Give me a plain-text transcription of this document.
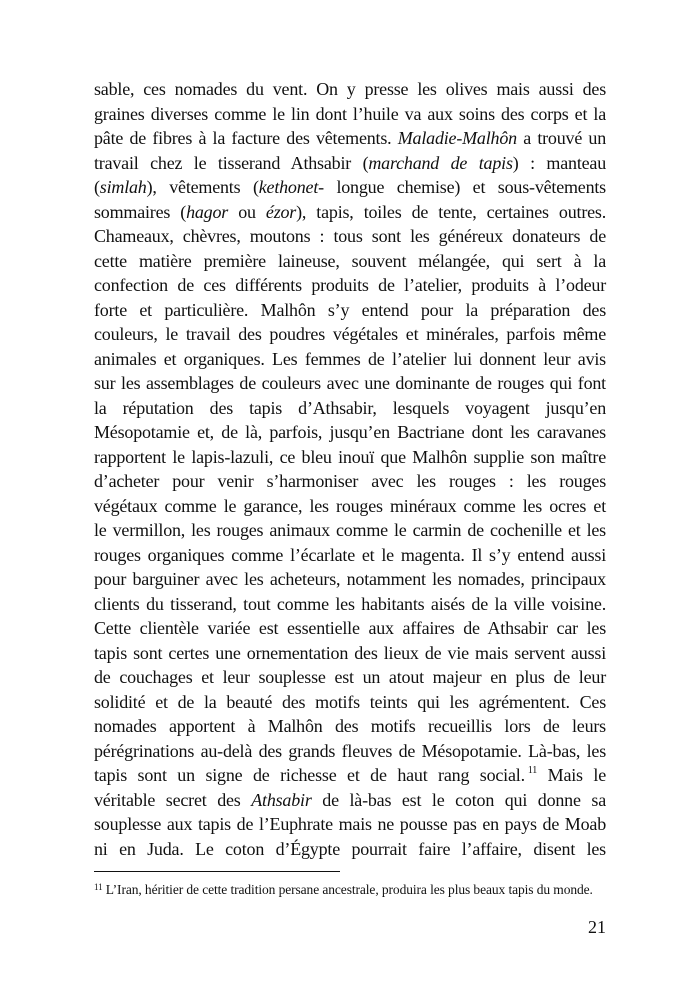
sable, ces nomades du vent. On y presse les olives mais aussi des
graines diverses comme le lin dont l’huile va aux soins des corps et la
pâte de fibres à la facture des vêtements. Maladie-Malhôn a trouvé un
travail chez le tisserand Athsabir (marchand de tapis) : manteau
(simlah), vêtements (kethonet- longue chemise) et sous-vêtements
sommaires (hagor ou ézor), tapis, toiles de tente, certaines outres.
Chameaux, chèvres, moutons : tous sont les généreux donateurs de
cette matière première laineuse, souvent mélangée, qui sert à la
confection de ces différents produits de l’atelier, produits à l’odeur
forte et particulière. Malhôn s’y entend pour la préparation des
couleurs, le travail des poudres végétales et minérales, parfois même
animales et organiques. Les femmes de l’atelier lui donnent leur avis
sur les assemblages de couleurs avec une dominante de rouges qui font
la réputation des tapis d’Athsabir, lesquels voyagent jusqu’en
Mésopotamie et, de là, parfois, jusqu’en Bactriane dont les caravanes
rapportent le lapis-lazuli, ce bleu inouï que Malhôn supplie son maître
d’acheter pour venir s’harmoniser avec les rouges : les rouges
végétaux comme le garance, les rouges minéraux comme les ocres et
le vermillon, les rouges animaux comme le carmin de cochenille et les
rouges organiques comme l’écarlate et le magenta. Il s’y entend aussi
pour barguiner avec les acheteurs, notamment les nomades, principaux
clients du tisserand, tout comme les habitants aisés de la ville voisine.
Cette clientèle variée est essentielle aux affaires de Athsabir car les
tapis sont certes une ornementation des lieux de vie mais servent aussi
de couchages et leur souplesse est un atout majeur en plus de leur
solidité et de la beauté des motifs teints qui les agrémentent. Ces
nomades apportent à Malhôn des motifs recueillis lors de leurs
pérégrinations au-delà des grands fleuves de Mésopotamie. Là-bas, les
tapis sont un signe de richesse et de haut rang social. $^{11}$ Mais le
véritable secret des Athsabir de là-bas est le coton qui donne sa
souplesse aux tapis de l’Euphrate mais ne pousse pas en pays de Moab
ni en Juda. Le coton d’Égypte pourrait faire l’affaire, disent les
$^{11}$ L’Iran, héritier de cette tradition persane ancestrale, produira les plus beaux tapis du monde.
21
